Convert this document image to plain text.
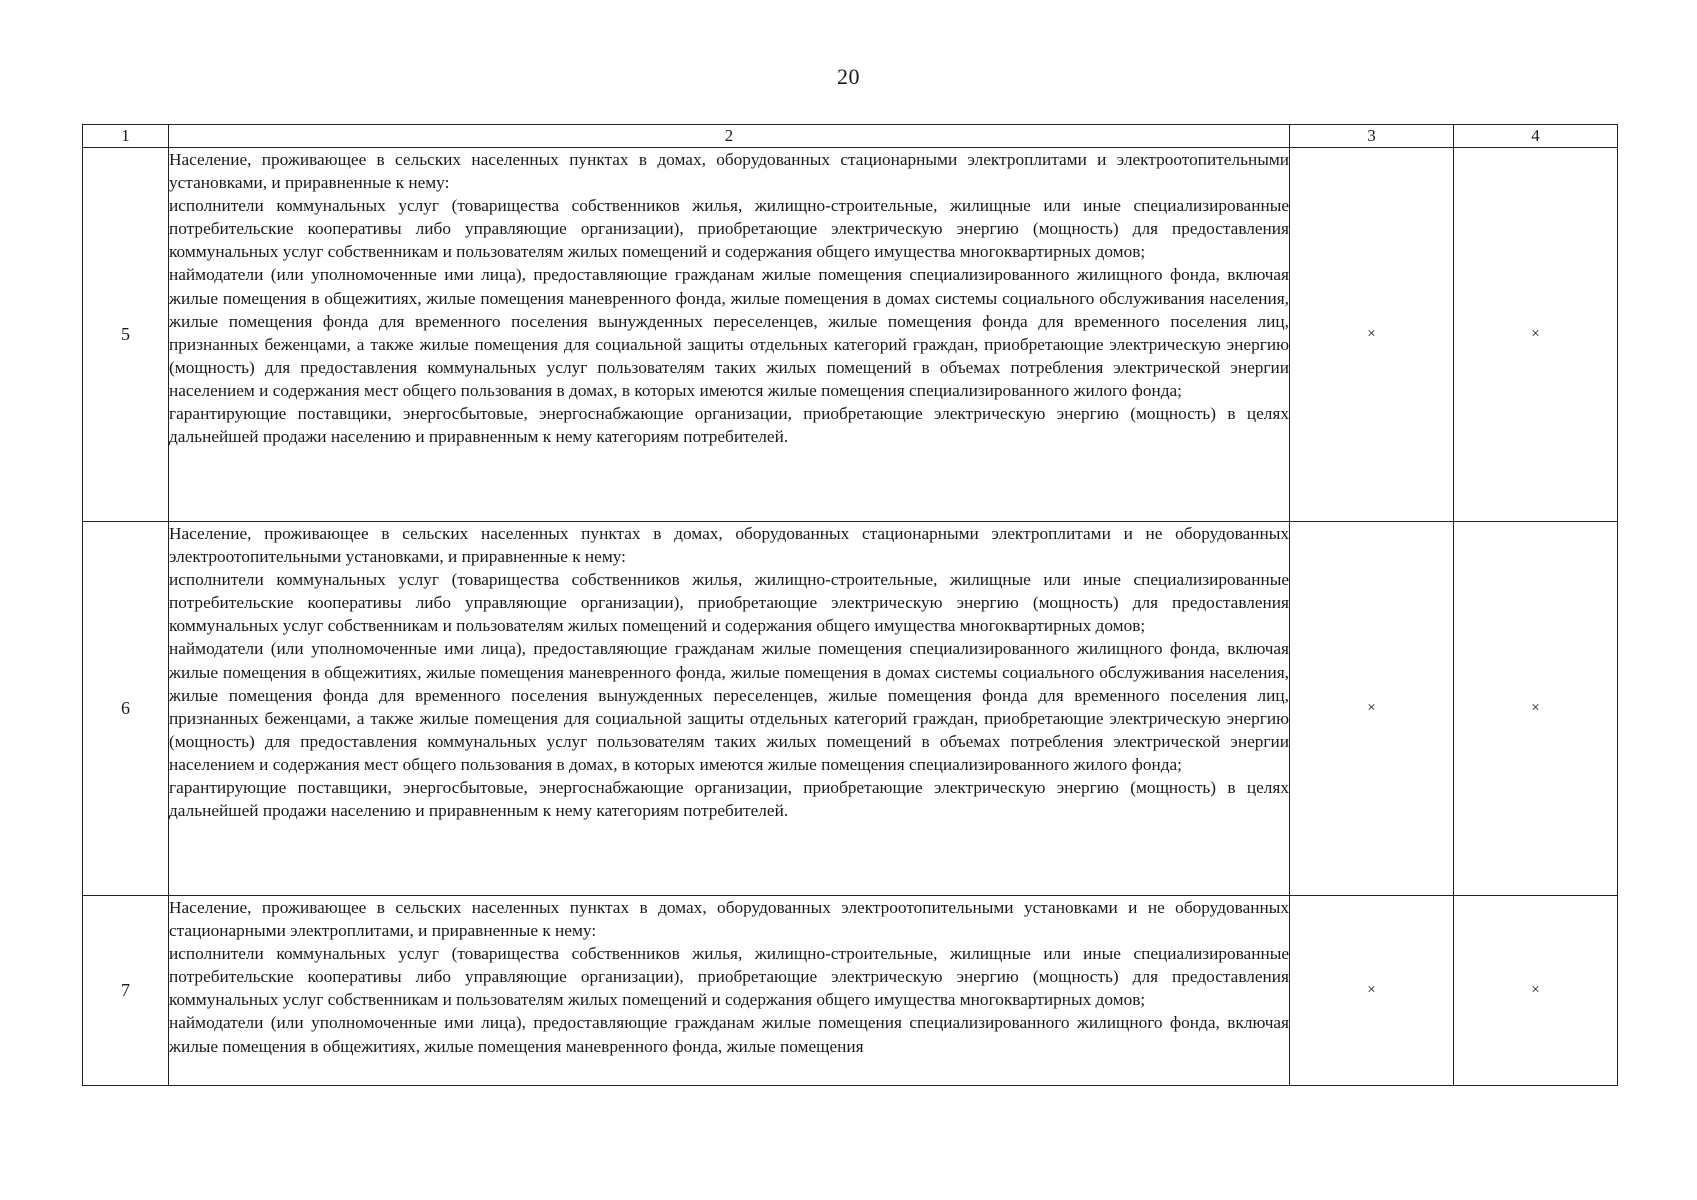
20
1	2	3	4
5	Население, проживающее в сельских населенных пунктах в домах, оборудованных стационарными электроплитами и электроотопительными установками, и приравненные к нему:

исполнители коммунальных услуг (товарищества собственников жилья, жилищно-строительные, жилищные или иные специализированные потребительские кооперативы либо управляющие организации), приобретающие электрическую энергию (мощность) для предоставления коммунальных услуг собственникам и пользователям жилых помещений и содержания общего имущества многоквартирных домов;

наймодатели (или уполномоченные ими лица), предоставляющие гражданам жилые помещения специализированного жилищного фонда, включая жилые помещения в общежитиях, жилые помещения маневренного фонда, жилые помещения в домах системы социального обслуживания населения, жилые помещения фонда для временного поселения вынужденных переселенцев, жилые помещения фонда для временного поселения лиц, признанных беженцами, а также жилые помещения для социальной защиты отдельных категорий граждан, приобретающие электрическую энергию (мощность) для предоставления коммунальных услуг пользователям таких жилых помещений в объемах потребления электрической энергии населением и содержания мест общего пользования в домах, в которых имеются жилые помещения специализированного жилого фонда;

гарантирующие поставщики, энергосбытовые, энергоснабжающие организации, приобретающие электрическую энергию (мощность) в целях дальнейшей продажи населению и приравненным к нему категориям потребителей.	×	×
6	Население, проживающее в сельских населенных пунктах в домах, оборудованных стационарными электроплитами и не оборудованных электроотопительными установками, и приравненные к нему:

исполнители коммунальных услуг (товарищества собственников жилья, жилищно-строительные, жилищные или иные специализированные потребительские кооперативы либо управляющие организации), приобретающие электрическую энергию (мощность) для предоставления коммунальных услуг собственникам и пользователям жилых помещений и содержания общего имущества многоквартирных домов;

наймодатели (или уполномоченные ими лица), предоставляющие гражданам жилые помещения специализированного жилищного фонда, включая жилые помещения в общежитиях, жилые помещения маневренного фонда, жилые помещения в домах системы социального обслуживания населения, жилые помещения фонда для временного поселения вынужденных переселенцев, жилые помещения фонда для временного поселения лиц, признанных беженцами, а также жилые помещения для социальной защиты отдельных категорий граждан, приобретающие электрическую энергию (мощность) для предоставления коммунальных услуг пользователям таких жилых помещений в объемах потребления электрической энергии населением и содержания мест общего пользования в домах, в которых имеются жилые помещения специализированного жилого фонда;

гарантирующие поставщики, энергосбытовые, энергоснабжающие организации, приобретающие электрическую энергию (мощность) в целях дальнейшей продажи населению и приравненным к нему категориям потребителей.	×	×
7	Население, проживающее в сельских населенных пунктах в домах, оборудованных электроотопительными установками и не оборудованных стационарными электроплитами, и приравненные к нему:

исполнители коммунальных услуг (товарищества собственников жилья, жилищно-строительные, жилищные или иные специализированные потребительские кооперативы либо управляющие организации), приобретающие электрическую энергию (мощность) для предоставления коммунальных услуг собственникам и пользователям жилых помещений и содержания общего имущества многоквартирных домов;

наймодатели (или уполномоченные ими лица), предоставляющие гражданам жилые помещения специализированного жилищного фонда, включая жилые помещения в общежитиях, жилые помещения маневренного фонда, жилые помещения	×	×
